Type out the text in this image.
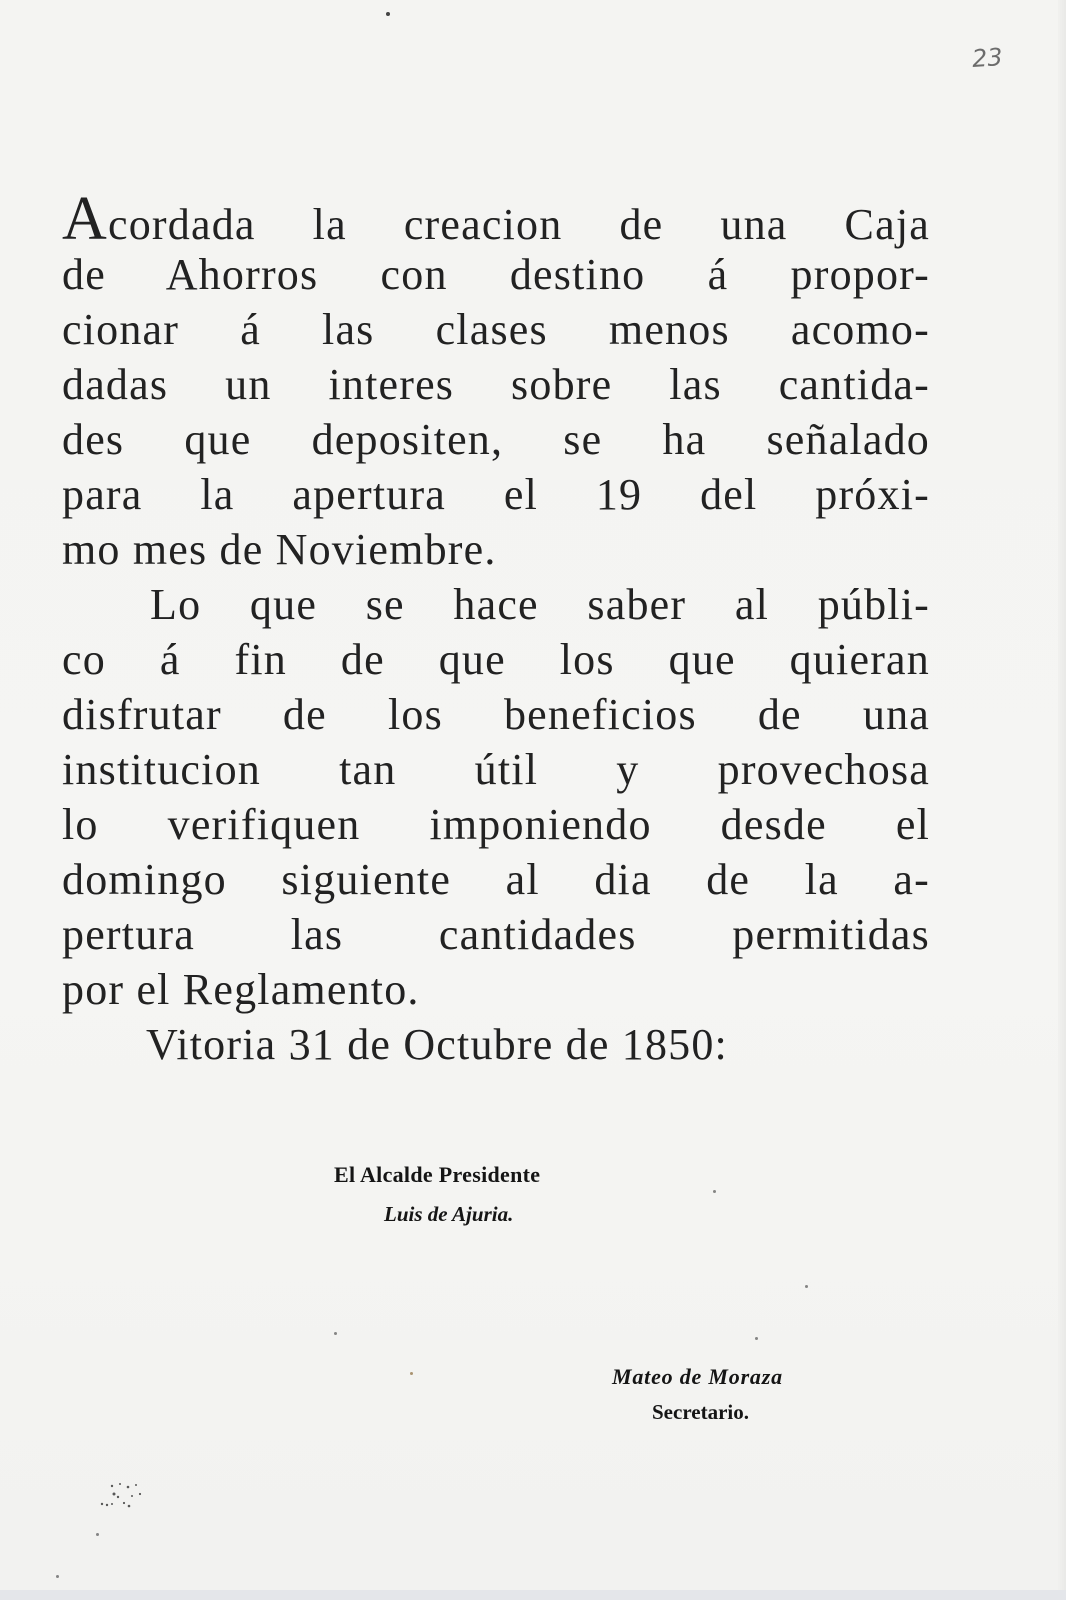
23
Acordada la creacion de una Caja
de Ahorros con destino á propor-
cionar á las clases menos acomo-
dadas un interes sobre las cantida-
des que depositen, se ha señalado
para la apertura el 19 del próxi-
mo mes de Noviembre.
Lo que se hace saber al públi-
co á fin de que los que quieran
disfrutar de los beneficios de una
institucion tan útil y provechosa
lo verifiquen imponiendo desde el
domingo siguiente al dia de la a-
pertura las cantidades permitidas
por el Reglamento.
Vitoria 31 de Octubre de 1850:
El Alcalde Presidente
Luis de Ajuria.
Mateo de Moraza
Secretario.
